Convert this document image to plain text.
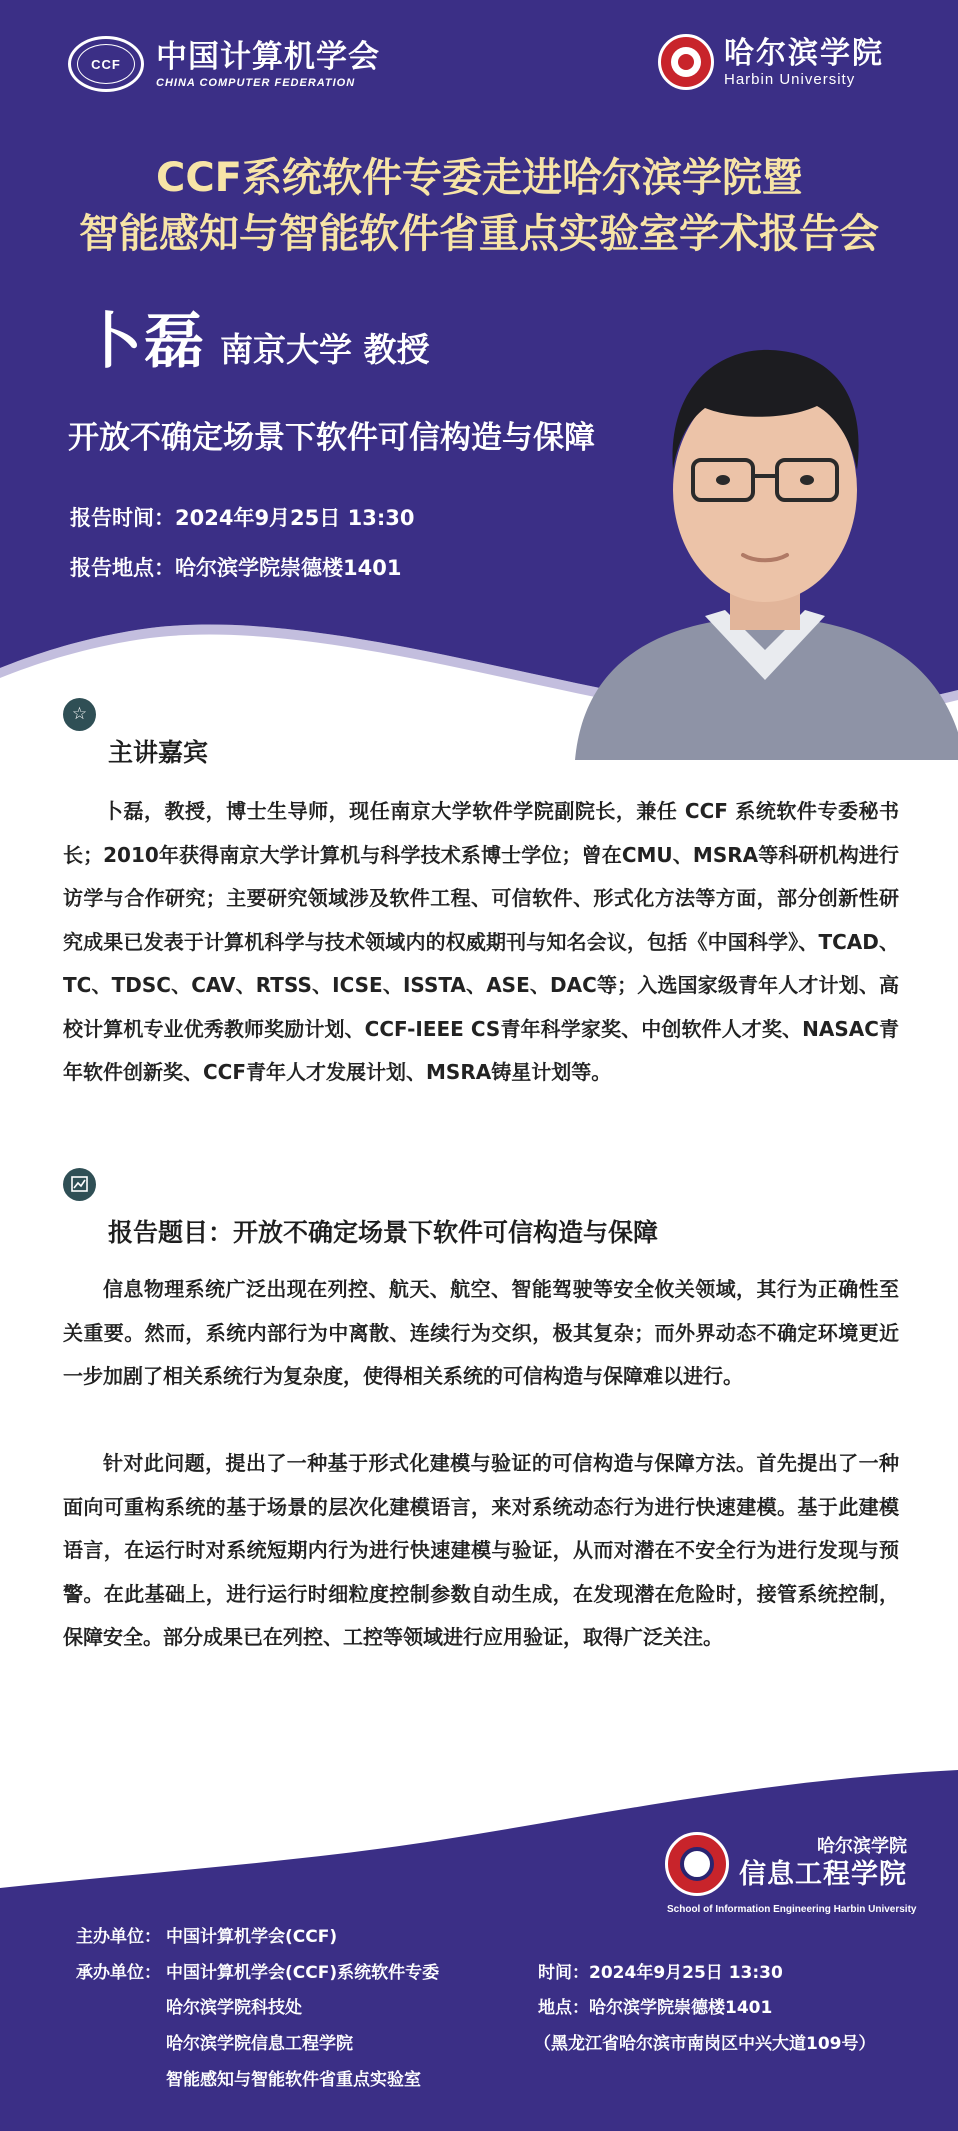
CCF	中国计算机学会
CHINA COMPUTER FEDERATION
哈尔滨学院
Harbin University
CCF系统软件专委走进哈尔滨学院暨
智能感知与智能软件省重点实验室学术报告会
卜磊 南京大学 教授
开放不确定场景下软件可信构造与保障
报告时间：2024年9月25日 13:30
报告地点：哈尔滨学院崇德楼1401
☆
主讲嘉宾
卜磊，教授，博士生导师，现任南京大学软件学院副院长，兼任 CCF 系统软件专委秘书长；2010年获得南京大学计算机与科学技术系博士学位；曾在CMU、MSRA等科研机构进行访学与合作研究；主要研究领域涉及软件工程、可信软件、形式化方法等方面，部分创新性研究成果已发表于计算机科学与技术领域内的权威期刊与知名会议，包括《中国科学》、TCAD、TC、TDSC、CAV、RTSS、ICSE、ISSTA、ASE、DAC等；入选国家级青年人才计划、高校计算机专业优秀教师奖励计划、CCF-IEEE CS青年科学家奖、中创软件人才奖、NASAC青年软件创新奖、CCF青年人才发展计划、MSRA铸星计划等。
报告题目：开放不确定场景下软件可信构造与保障
信息物理系统广泛出现在列控、航天、航空、智能驾驶等安全攸关领域，其行为正确性至关重要。然而，系统内部行为中离散、连续行为交织，极其复杂；而外界动态不确定环境更近一步加剧了相关系统行为复杂度，使得相关系统的可信构造与保障难以进行。
针对此问题，提出了一种基于形式化建模与验证的可信构造与保障方法。首先提出了一种面向可重构系统的基于场景的层次化建模语言，来对系统动态行为进行快速建模。基于此建模语言，在运行时对系统短期内行为进行快速建模与验证，从而对潜在不安全行为进行发现与预警。在此基础上，进行运行时细粒度控制参数自动生成，在发现潜在危险时，接管系统控制，保障安全。部分成果已在列控、工控等领域进行应用验证，取得广泛关注。
哈尔滨学院
信息工程学院
School of Information Engineering Harbin University
主办单位： 中国计算机学会(CCF)
承办单位： 中国计算机学会(CCF)系统软件专委
哈尔滨学院科技处
哈尔滨学院信息工程学院
智能感知与智能软件省重点实验室
时间：2024年9月25日 13:30
地点：哈尔滨学院崇德楼1401
（黑龙江省哈尔滨市南岗区中兴大道109号）
